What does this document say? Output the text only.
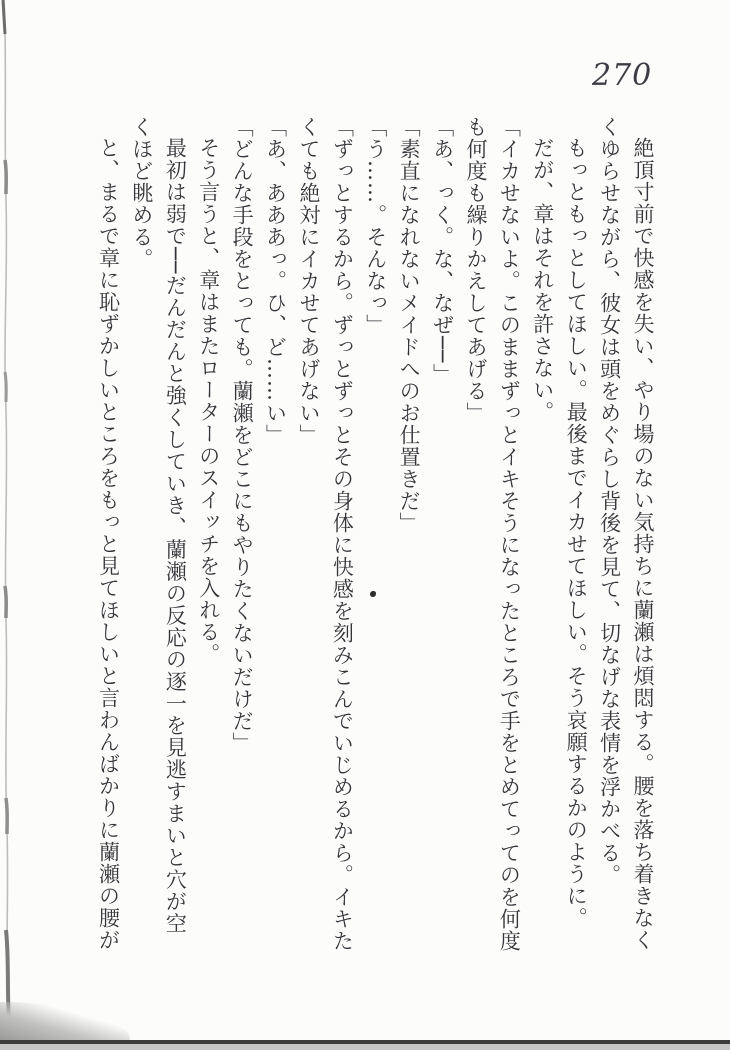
270

絶頂寸前で快感を失い、やり場のない気持ちに蘭瀬は煩悶する。腰を落ち着きなく

くゆらせながら、彼女は頭をめぐらし背後を見て、切なげな表情を浮かべる。

もっともっとしてほしい。最後までイカせてほしい。そう哀願するかのように。

だが、章はそれを許さない。

「イカせないよ。このままずっとイキそうになったところで手をとめてってのを何度

も何度も繰りかえしてあげる」

「あ、っく。な、なぜ──」

「素直になれないメイドへのお仕置きだ」

「う……。そんなっ」

「ずっとするから。ずっとずっとその身体に快感を刻みこんでいじめるから。イキた

くても絶対にイカせてあげない」

「あ、あああっ。ひ、ど……い」

「どんな手段をとっても。蘭瀬をどこにもやりたくないだけだ」

そう言うと、章はまたローターのスイッチを入れる。

最初は弱で──だんだんと強くしていき、蘭瀬の反応の逐一を見逃すまいと穴が空

くほど眺める。

と、まるで章に恥ずかしいところをもっと見てほしいと言わんばかりに蘭瀬の腰が
